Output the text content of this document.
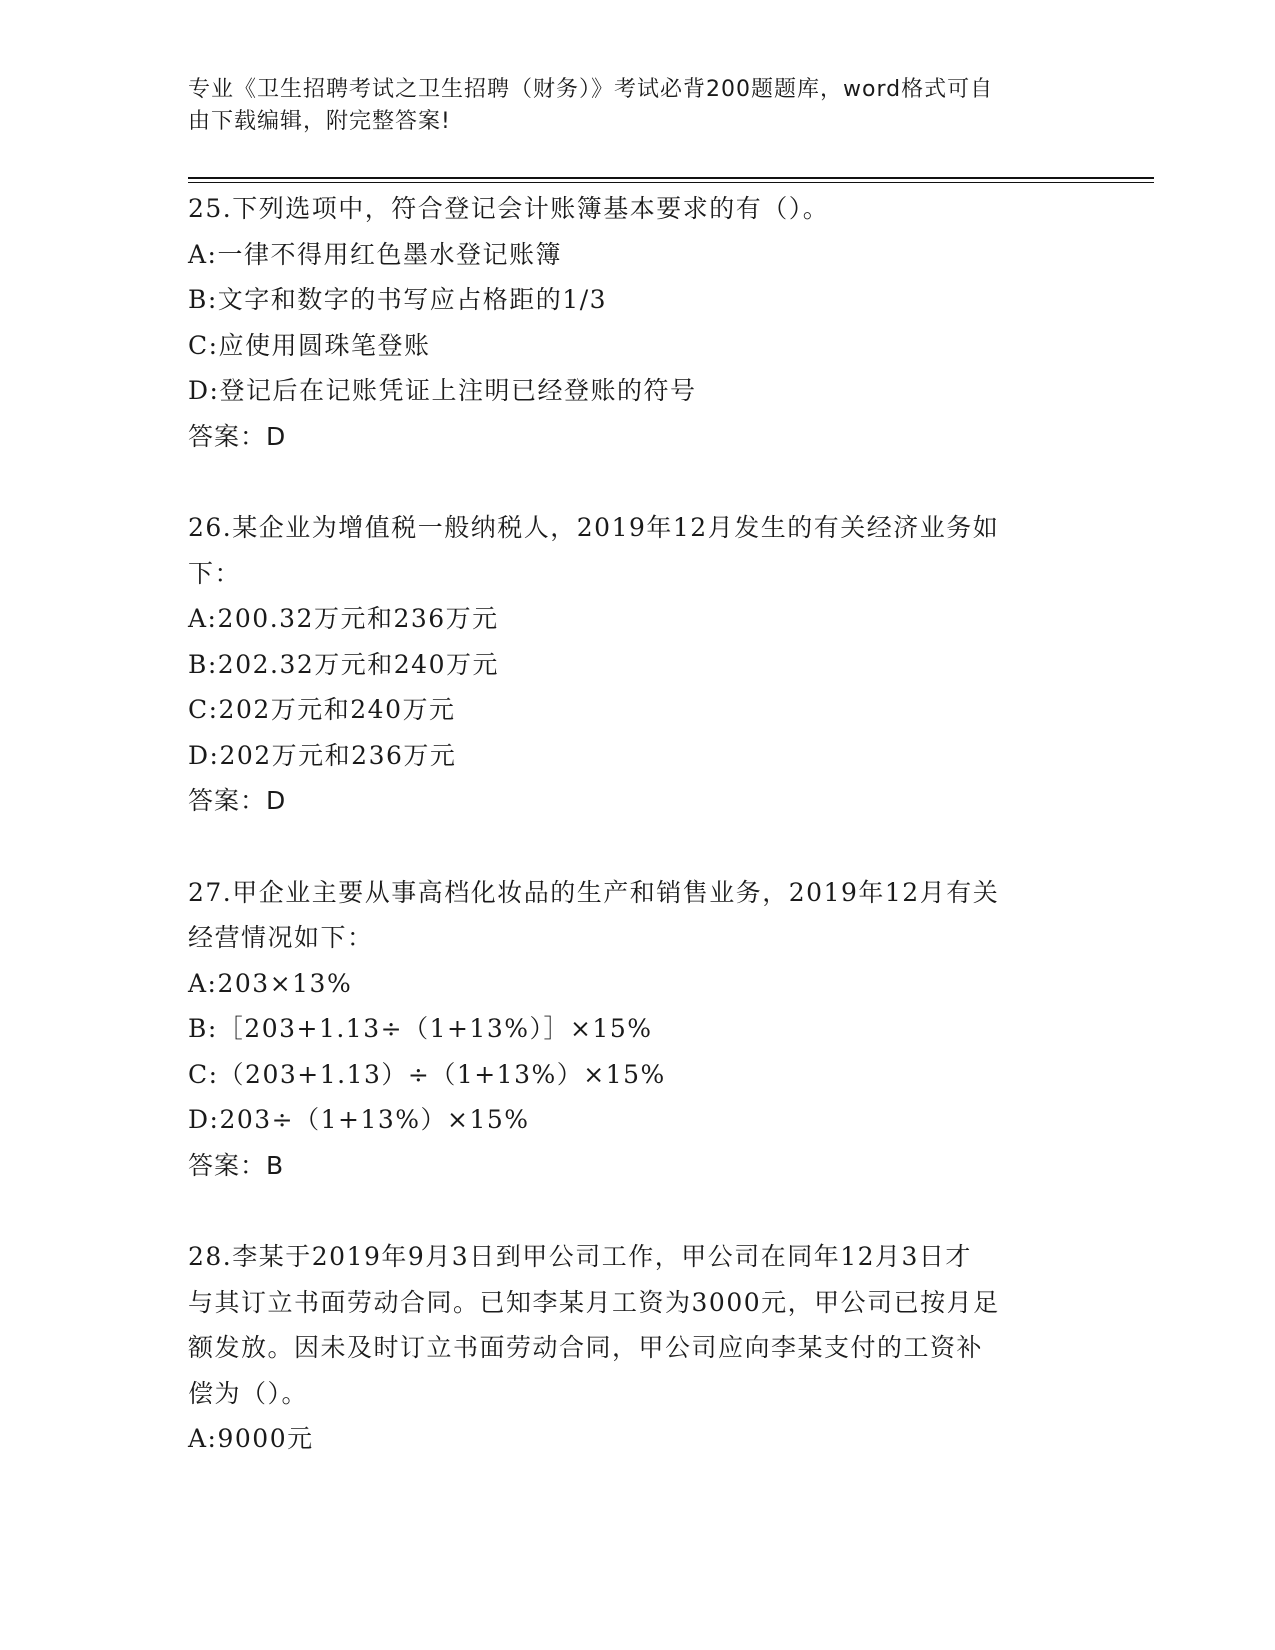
专业《卫生招聘考试之卫生招聘（财务）》考试必背200题题库，word格式可自
由下载编辑，附完整答案!
25.下列选项中，符合登记会计账簿基本要求的有（）。
A:一律不得用红色墨水登记账簿
B:文字和数字的书写应占格距的1/3
C:应使用圆珠笔登账
D:登记后在记账凭证上注明已经登账的符号
答案：D
26.某企业为增值税一般纳税人，2019年12月发生的有关经济业务如
下：
A:200.32万元和236万元
B:202.32万元和240万元
C:202万元和240万元
D:202万元和236万元
答案：D
27.甲企业主要从事高档化妆品的生产和销售业务，2019年12月有关
经营情况如下：
A:203×13%
B:［203+1.13÷（1+13%）］×15%
C:（203+1.13）÷（1+13%）×15%
D:203÷（1+13%）×15%
答案：B
28.李某于2019年9月3日到甲公司工作，甲公司在同年12月3日才
与其订立书面劳动合同。已知李某月工资为3000元，甲公司已按月足
额发放。因未及时订立书面劳动合同，甲公司应向李某支付的工资补
偿为（）。
A:9000元
